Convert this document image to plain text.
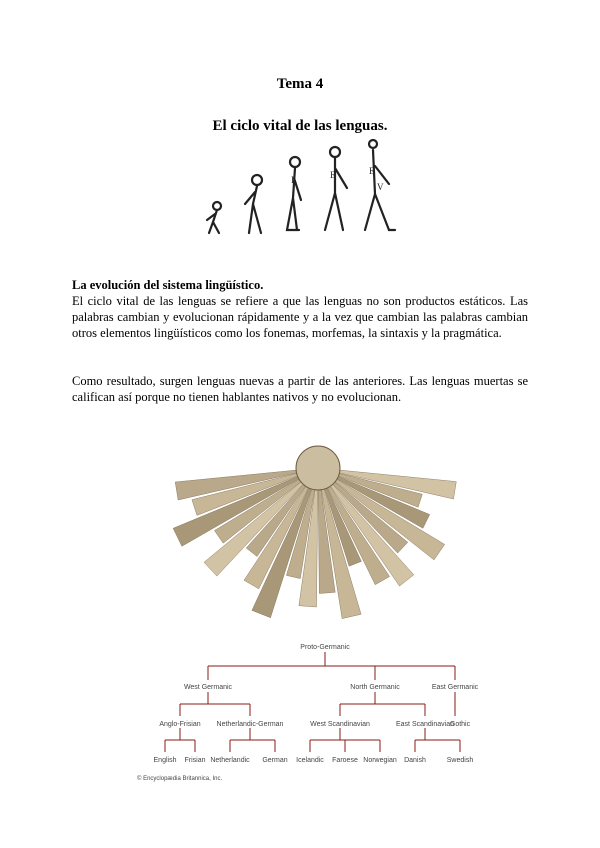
Tema 4
El ciclo vital de las lenguas.
I	E	E
V
La evolución del sistema lingüístico.
El ciclo vital de las lenguas se refiere a que las lenguas no son productos estáticos. Las palabras cambian y evolucionan rápidamente y a la vez que cambian las palabras cambian otros elementos lingüísticos como los fonemas, morfemas, la sintaxis y la pragmática.
Como resultado, surgen lenguas nuevas a partir de las anteriores. Las lenguas muertas se califican así porque no tienen hablantes nativos y no evolucionan.
Proto-Germanic
West Germanic	North Germanic	East Germanic
Anglo-Frisian Netherlandic-German	West Scandinavian	East Scandinavian
Gothic
English Frisian Netherlandic German Icelandic Faroese Norwegian Danish	Swedish
© Encyclopædia Britannica, Inc.
